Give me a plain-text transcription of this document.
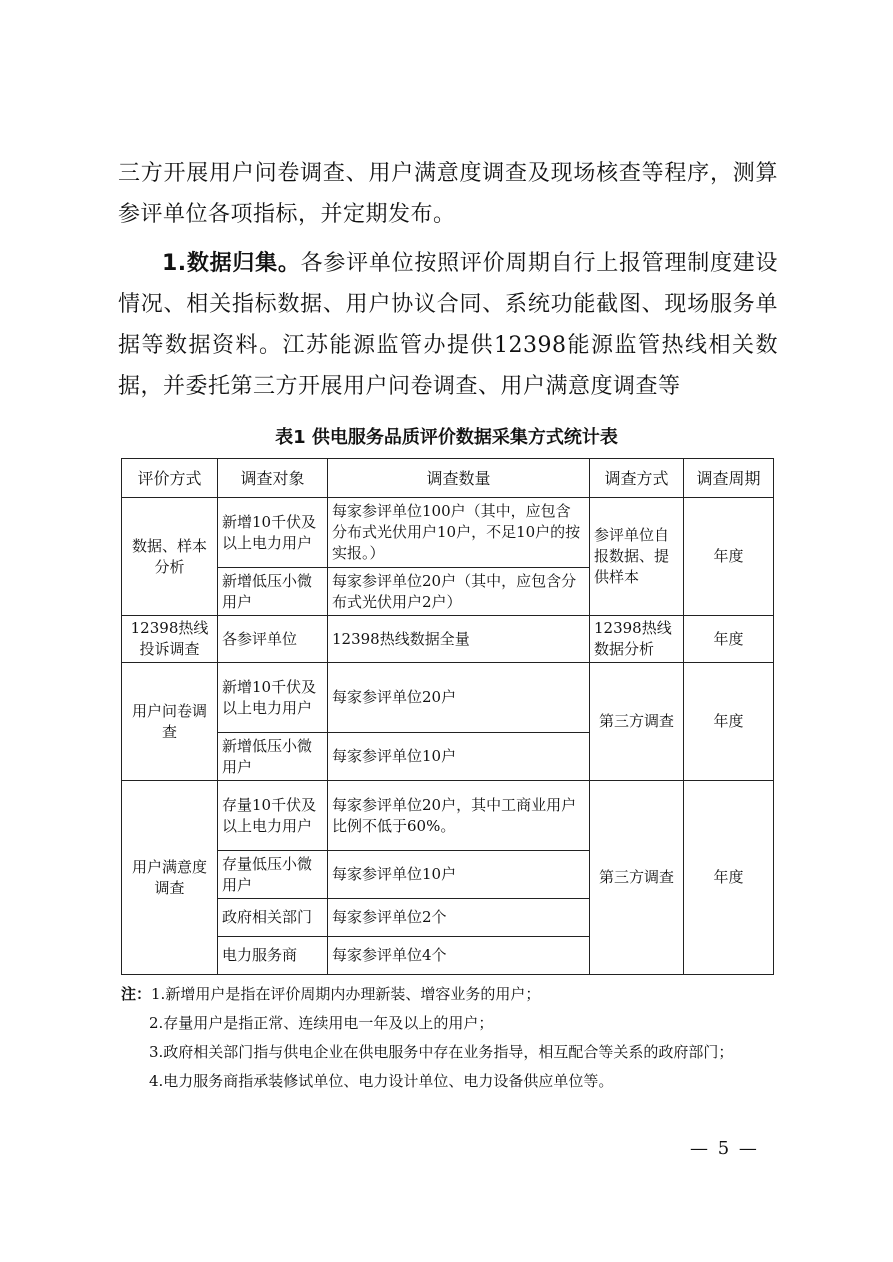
三方开展用户问卷调查、用户满意度调查及现场核查等程序，测算参评单位各项指标，并定期发布。

1.数据归集。各参评单位按照评价周期自行上报管理制度建设情况、相关指标数据、用户协议合同、系统功能截图、现场服务单据等数据资料。江苏能源监管办提供12398能源监管热线相关数据，并委托第三方开展用户问卷调查、用户满意度调查等

表1 供电服务品质评价数据采集方式统计表

评价方式	调查对象	调查数量	调查方式	调查周期
数据、样本分析	新增10千伏及以上电力用户	每家参评单位100户（其中，应包含分布式光伏用户10户，不足10户的按实报。）	参评单位自报数据、提供样本	年度
	新增低压小微用户	每家参评单位20户（其中，应包含分布式光伏用户2户）		
12398热线投诉调查	各参评单位	12398热线数据全量	12398热线数据分析	年度
用户问卷调查	新增10千伏及以上电力用户	每家参评单位20户	第三方调查	年度
	新增低压小微用户	每家参评单位10户		
用户满意度调查	存量10千伏及以上电力用户	每家参评单位20户，其中工商业用户比例不低于60%。	第三方调查	年度
	存量低压小微用户	每家参评单位10户		
	政府相关部门	每家参评单位2个		
	电力服务商	每家参评单位4个		

注：1.新增用户是指在评价周期内办理新装、增容业务的用户；

2.存量用户是指正常、连续用电一年及以上的用户；

3.政府相关部门指与供电企业在供电服务中存在业务指导，相互配合等关系的政府部门；

4.电力服务商指承装修试单位、电力设计单位、电力设备供应单位等。

— 5 —
